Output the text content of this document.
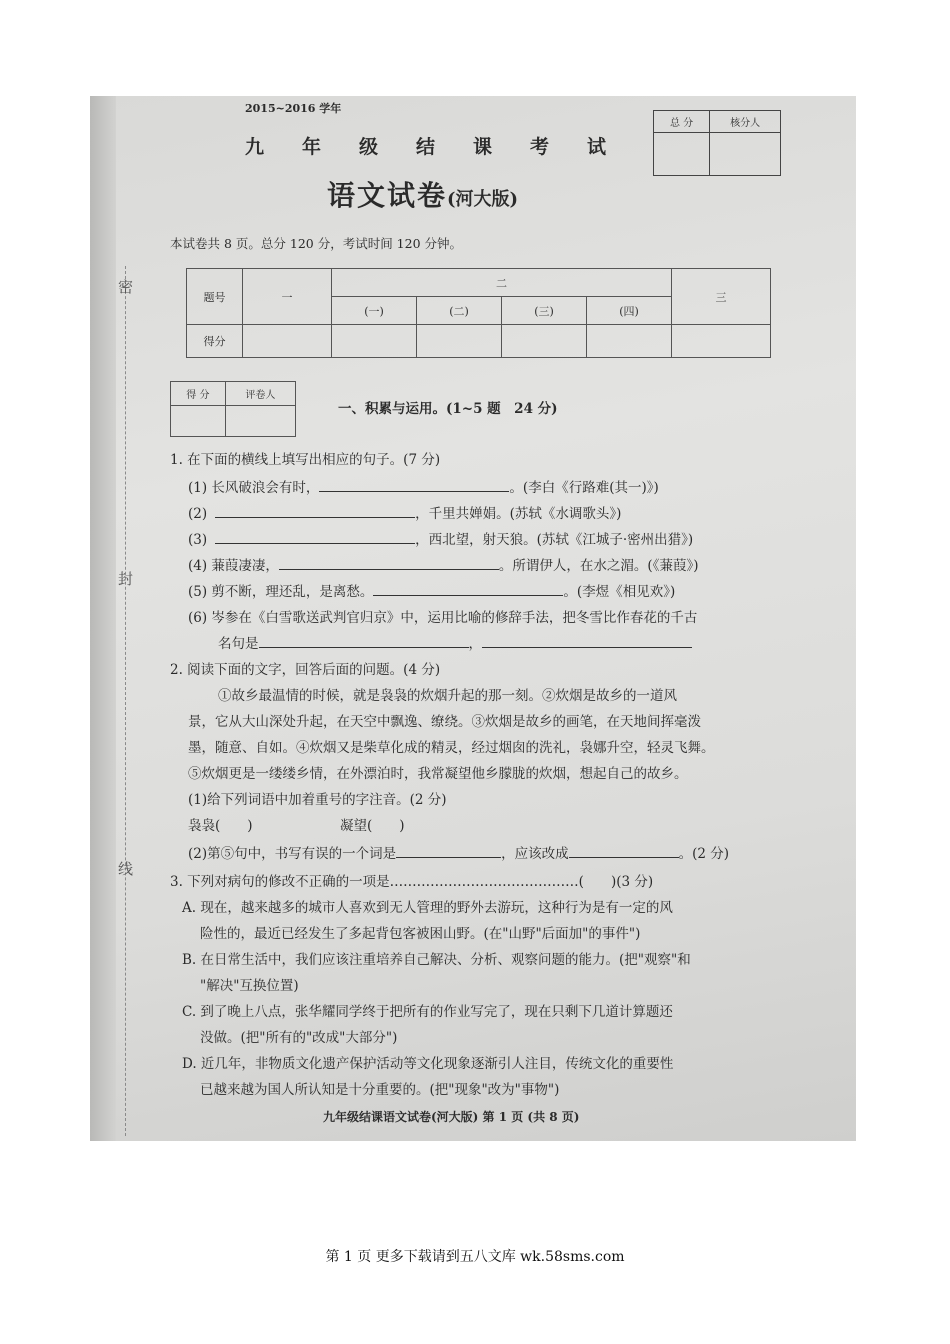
密
封
线
2015~2016 学年
九年级结课考试
语文试卷(河大版)
总 分	核分人

本试卷共 8 页。总分 120 分，考试时间 120 分钟。
题号	一	二				三
		(一)	(二)	(三)	(四)	
得分						
得 分	评卷人

一、积累与运用。(1~5 题　24 分)
1. 在下面的横线上填写出相应的句子。(7 分)
(1) 长风破浪会有时，	。(李白《行路难(其一)》)
(2)	，千里共婵娟。(苏轼《水调歌头》)
(3)	，西北望，射天狼。(苏轼《江城子·密州出猎》)
(4) 蒹葭凄凄，	。所谓伊人，在水之湄。(《蒹葭》)
(5) 剪不断，理还乱，是离愁。	。(李煜《相见欢》)
(6) 岑参在《白雪歌送武判官归京》中，运用比喻的修辞手法，把冬雪比作春花的千古
名句是	，
2. 阅读下面的文字，回答后面的问题。(4 分)
①故乡最温情的时候，就是袅袅的炊烟升起的那一刻。②炊烟是故乡的一道风
景，它从大山深处升起，在天空中飘逸、缭绕。③炊烟是故乡的画笔，在天地间挥毫泼
墨，随意、自如。④炊烟又是柴草化成的精灵，经过烟囱的洗礼，袅娜升空，轻灵飞舞。
⑤炊烟更是一缕缕乡情，在外漂泊时，我常凝望他乡朦胧的炊烟，想起自己的故乡。
(1)给下列词语中加着重号的字注音。(2 分)
袅袅(　　)	凝望(　　)
(2)第⑤句中，书写有误的一个词是	，应该改成	。(2 分)
3. 下列对病句的修改不正确的一项是……………………………………(　　)(3 分)
A. 现在，越来越多的城市人喜欢到无人管理的野外去游玩，这种行为是有一定的风
险性的，最近已经发生了多起背包客被困山野。(在"山野"后面加"的事件")
B. 在日常生活中，我们应该注重培养自己解决、分析、观察问题的能力。(把"观察"和
"解决"互换位置)
C. 到了晚上八点，张华耀同学终于把所有的作业写完了，现在只剩下几道计算题还
没做。(把"所有的"改成"大部分")
D. 近几年，非物质文化遗产保护活动等文化现象逐渐引人注目，传统文化的重要性
已越来越为国人所认知是十分重要的。(把"现象"改为"事物")
九年级结课语文试卷(河大版) 第 1 页 (共 8 页)
第 1 页 更多下载请到五八文库 wk.58sms.com
